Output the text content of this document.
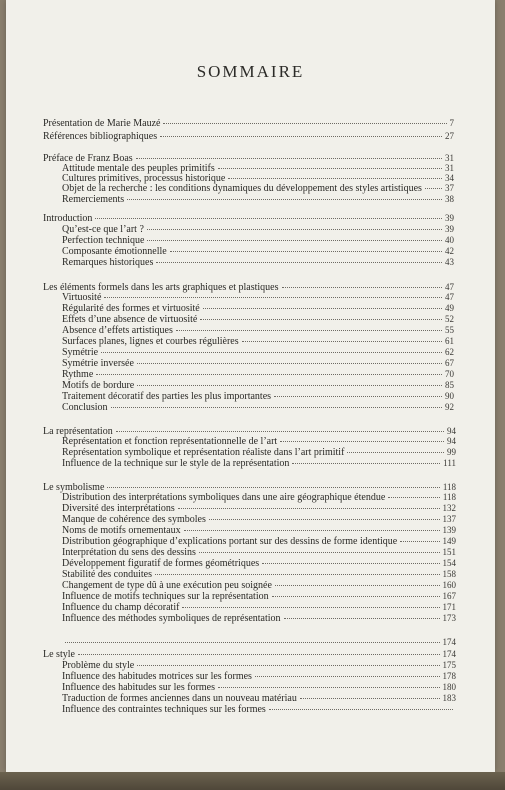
SOMMAIRE
Présentation de Marie Mauzé	7
Références bibliographiques	27
Préface de Franz Boas	31
Attitude mentale des peuples primitifs	31
Cultures primitives, processus historique	34
Objet de la recherche : les conditions dynamiques du développement des styles artistiques	37
Remerciements	38
Introduction	39
Qu’est-ce que l’art ?	39
Perfection technique	40
Composante émotionnelle	42
Remarques historiques	43
Les éléments formels dans les arts graphiques et plastiques	47
Virtuosité	47
Régularité des formes et virtuosité	49
Effets d’une absence de virtuosité	52
Absence d’effets artistiques	55
Surfaces planes, lignes et courbes régulières	61
Symétrie	62
Symétrie inversée	67
Rythme	70
Motifs de bordure	85
Traitement décoratif des parties les plus importantes	90
Conclusion	92
La représentation	94
Représentation et fonction représentationnelle de l’art	94
Représentation symbolique et représentation réaliste dans l’art primitif	99
Influence de la technique sur le style de la représentation	111
Le symbolisme	118
Distribution des interprétations symboliques dans une aire géographique étendue	118
Diversité des interprétations	132
Manque de cohérence des symboles	137
Noms de motifs ornementaux	139
Distribution géographique d’explications portant sur des dessins de forme identique	149
Interprétation du sens des dessins	151
Développement figuratif de formes géométriques	154
Stabilité des conduites	158
Changement de type dû à une exécution peu soignée	160
Influence de motifs techniques sur la représentation	167
Influence du champ décoratif	171
Influence des méthodes symboliques de représentation	173
174
Le style	174
Problème du style	175
Influence des habitudes motrices sur les formes	178
Influence des habitudes sur les formes	180
Traduction de formes anciennes dans un nouveau matériau	183
Influence des contraintes techniques sur les formes
